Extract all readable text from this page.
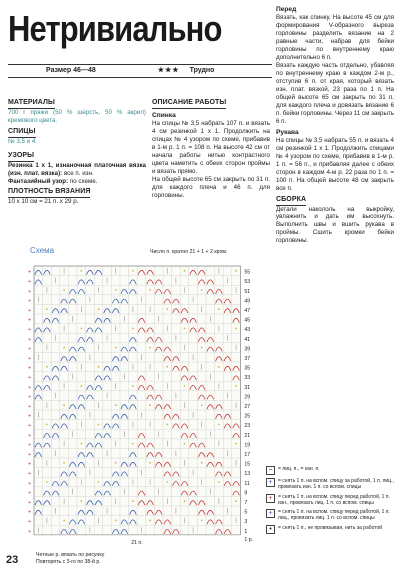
Нетривиально
Размер 46—48	★★★ Трудно
МАТЕРИАЛЫ

700 г пряжи (50 % шерсть, 50 % акрил) кремового цвета.

СПИЦЫ

№ 3,5 и 4.

УЗОРЫ

Резинка 1 х 1, изнаночная платочная вязка (изн. плат. вязка): все п. изн.

Фантазийный узор: по схеме.

ПЛОТНОСТЬ ВЯЗАНИЯ

10 х 10 см = 21 п. х 29 р.

ОПИСАНИЕ РАБОТЫ
Спинка

На спицы № 3,5 набрать 107 п. и вязать 4 см резинкой 1 х 1. Продолжить на спицах № 4 узором по схеме, прибавив в 1-м р. 1 п. = 108 п. На высоте 42 см от начала работы нитью контрастного цвета наметить с обеих сторон проймы и вязать прямо.

На общей высоте 65 см закрыть по 31 п. для каждого плеча и 46 п. для горловины.

Перед

Вязать, как спинку. На высоте 45 см для формирования V-образного выреза горловины разделить вязание на 2 равные части, набрав для бейки горловины по внутреннему краю дополнительно 6 п.

Вязать каждую часть отдельно, убавляя по внутреннему краю в каждом 2-м р., отступив 6 п. от края, который вязать изн. плат. вязкой, 23 раза по 1 п. На общей высоте 65 см закрыть по 31 п. для каждого плеча и довязать вязание 6 п. бейки горловины. Через 11 см закрыть 6 п.

Рукава

На спицы № 3,5 набрать 55 п. и вязать 4 см резинкой 1 х 1. Продолжить спицами № 4 узором по схеме, прибавив в 1-м р. 1 п. = 56 п., и прибавляя далее с обеих сторон в каждом 4-м р. 22 раза по 1 п. = 100 п. На общей высоте 48 см закрыть все п.

СБОРКА

Детали накололь на выкройку, увлажнить и дать им высохнуть. Выполнить швы и вшить рукава в проймы. Сшить кромки бейки горловины.

Схема	Число п. кратно 21 + 1 + 2 кром.
55
53
51
49
47
45
43
41
39
37
35
33
31
29
27
25
23
21
19
17
15
13
11
9
7
5
3
1
+
+
+
+
+
+
+
+
+
+
+
+
+
+
+
+
+
+
+
+
+
+
+
+
+
+
+
+
21 п.	1 р.
Четные р. вязать по рисунку
Повторять с 3-го по 38-й р.
−	= лиц. п., = изн. п.
+	= снять 1 п. на вспом. спицу за работой, 1 п. лиц., провязать изн. 1 п. со вспом. спицы
+	= снять 1 п. на вспом. спицу перед работой, 1 п. изн., провязать лиц. 1 п. со вспом. спицы
+	= снять 1 п. на вспом. спицу перед работой, 1 п. лиц., провязать лиц. 1 п. со вспом. спицы
•	= снять 1 п., не провязывая, нить за работой
23
